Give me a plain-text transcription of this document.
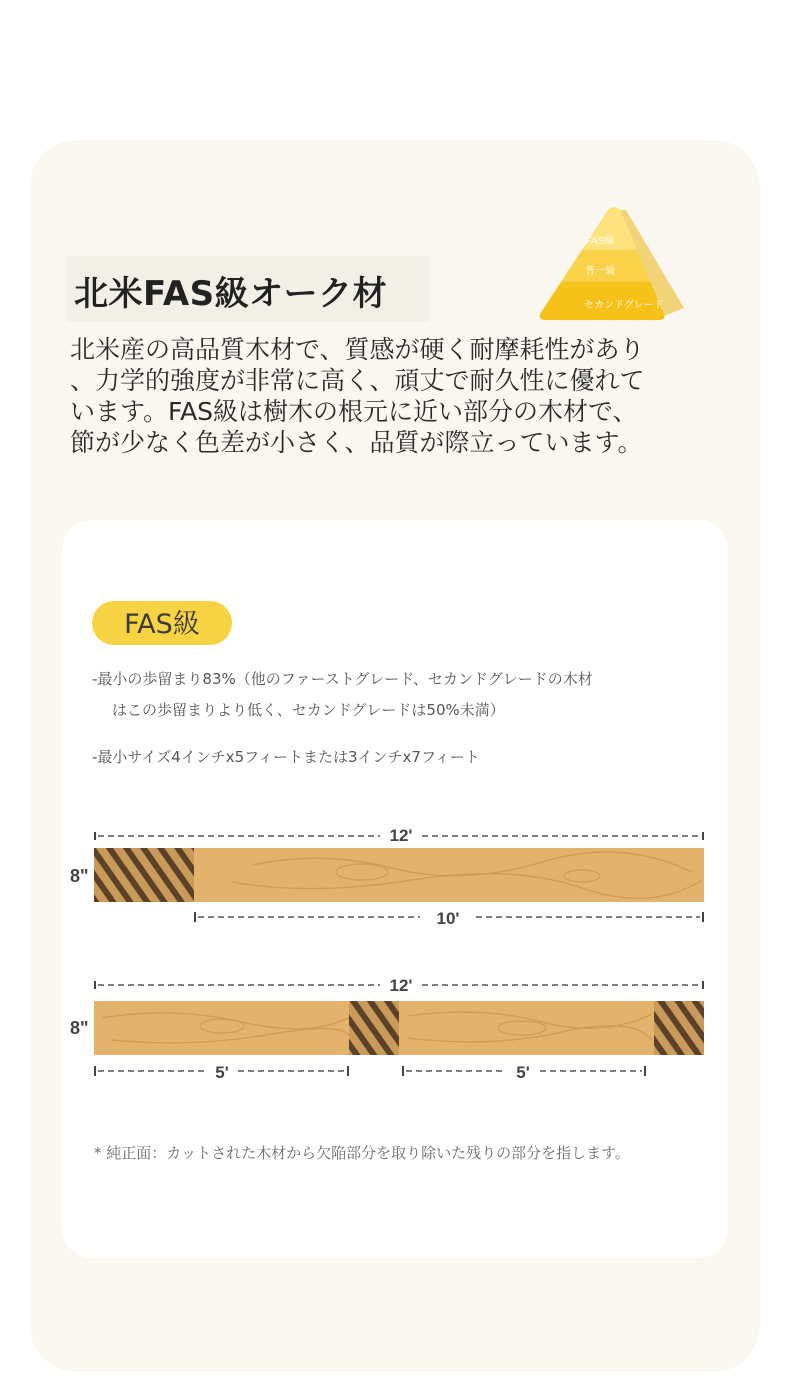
北米FAS級オーク材
FAS級
普一級
セカンドグレード

北米産の高品質木材で、質感が硬く耐摩耗性があり
、力学的強度が非常に高く、頑丈で耐久性に優れて
います。FAS級は樹木の根元に近い部分の木材で、
節が少なく色差が小さく、品質が際立っています。

FAS級

-最小の歩留まり83%（他のファーストグレード、セカンドグレードの木材

はこの歩留まりより低く、セカンドグレードは50%未満）

-最小サイズ4インチx5フィートまたは3インチx7フィート

12'
8"
10'
12'
8"
5'	5'

* 純正面：カットされた木材から欠陥部分を取り除いた残りの部分を指します。
